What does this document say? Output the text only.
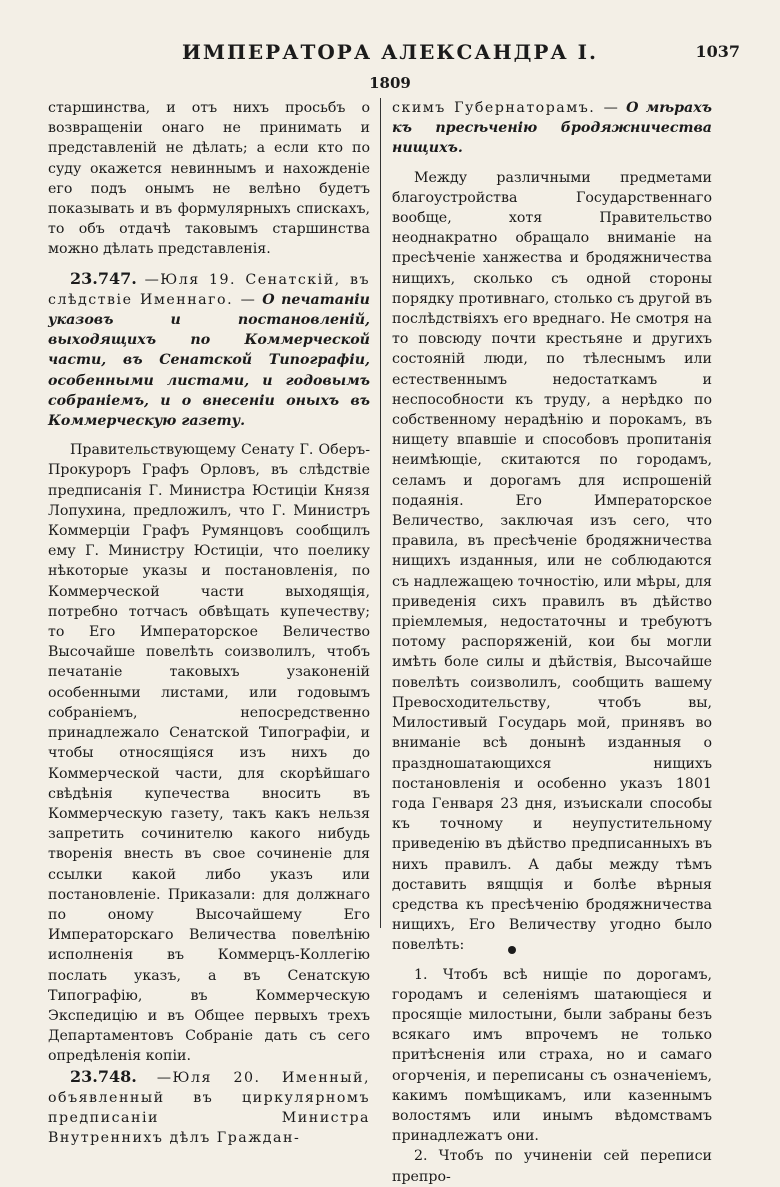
ИМПЕРАТОРА АЛЕКСАНДРА I.	1037
1809

старшинства, и отъ нихъ просьбъ о возвращеніи онаго не принимать и представленій не дѣлать; а если кто по суду окажется невиннымъ и нахожденіе его подъ онымъ не велѣно будетъ показывать и въ формулярныхъ спискахъ, то объ отдачѣ таковымъ старшинства можно дѣлать представленія.

23.747. —Юля 19. Сенатскій, въ слѣдствіе Именнаго. — О печатаніи указовъ и постановленій, выходящихъ по Коммерческой части, въ Сенатской Типографіи, особенными листами, и годовымъ собраніемъ, и о внесеніи оныхъ въ Коммерческую газету.

Правительствующему Сенату Г. Оберъ-Прокуроръ Графъ Орловъ, въ слѣдствіе предписанія Г. Министра Юстиціи Князя Лопухина, предложилъ, что Г. Министръ Коммерціи Графъ Румянцовъ сообщилъ ему Г. Министру Юстиціи, что поелику нѣкоторые указы и постановленія, по Коммерческой части выходящія, потребно тотчасъ обвѣщать купечеству; то Его Императорское Величество Высочайше повелѣть соизволилъ, чтобъ печатаніе таковыхъ узаконеній особенными листами, или годовымъ собраніемъ, непосредственно принадлежало Сенатской Типографіи, и чтобы относящіяся изъ нихъ до Коммерческой части, для скорѣйшаго свѣдѣнія купечества вносить въ Коммерческую газету, такъ какъ нельзя запретить сочинителю какого нибудь творенія внесть въ свое сочиненіе для ссылки какой либо указъ или постановленіе. Приказали: для должнаго по оному Высочайшему Его Императорскаго Величества повелѣнію исполненія въ Коммерцъ-Коллегію послать указъ, а въ Сенатскую Типографію, въ Коммерческую Экспедицію и въ Общее первыхъ трехъ Департаментовъ Собраніе дать съ сего опредѣленія копіи.

23.748. —Юля 20. Именный, объявленный въ циркулярномъ предписаніи Министра Внутреннихъ дѣлъ Граждан-

скимъ Губернаторамъ. — О мѣрахъ къ пресѣченію бродяжничества нищихъ.

Между различными предметами благоустройства Государственнаго вообще, хотя Правительство неоднакратно обращало вниманіе на пресѣченіе ханжества и бродяжничества нищихъ, сколько съ одной стороны порядку противнаго, столько съ другой въ послѣдствіяхъ его вреднаго. Не смотря на то повсюду почти крестьяне и другихъ состояній люди, по тѣлеснымъ или естественнымъ недостаткамъ и неспособности къ труду, а нерѣдко по собственному нерадѣнію и порокамъ, въ нищету впавшіе и способовъ пропитанія неимѣющіе, скитаются по городамъ, селамъ и дорогамъ для испрошеній подаянія. Его Императорское Величество, заключая изъ сего, что правила, въ пресѣченіе бродяжничества нищихъ изданныя, или не соблюдаются съ надлежащею точностію, или мѣры, для приведенія сихъ правилъ въ дѣйство пріемлемыя, недостаточны и требуютъ потому распоряженій, кои бы могли имѣть боле силы и дѣйствія, Высочайше повелѣть соизволилъ, сообщить вашему Превосходительству, чтобъ вы, Милостивый Государь мой, принявъ во вниманіе всѣ донынѣ изданныя о праздношатающихся нищихъ постановленія и особенно указъ 1801 года Генваря 23 дня, изъискали способы къ точному и неупустительному приведенію въ дѣйство предписанныхъ въ нихъ правилъ. А дабы между тѣмъ доставить вящщія и болѣе вѣрныя средства къ пресѣченію бродяжничества нищихъ, Его Величеству угодно было повелѣть:

1. Чтобъ всѣ нищіе по дорогамъ, городамъ и селеніямъ шатающіеся и просящіе милостыни, были забраны безъ всякаго имъ впрочемъ не только притѣсненія или страха, но и самаго огорченія, и переписаны съ означеніемъ, какимъ помѣщикамъ, или казеннымъ волостямъ или инымъ вѣдомствамъ принадлежатъ они.

2. Чтобъ по учиненіи сей переписи препро-
